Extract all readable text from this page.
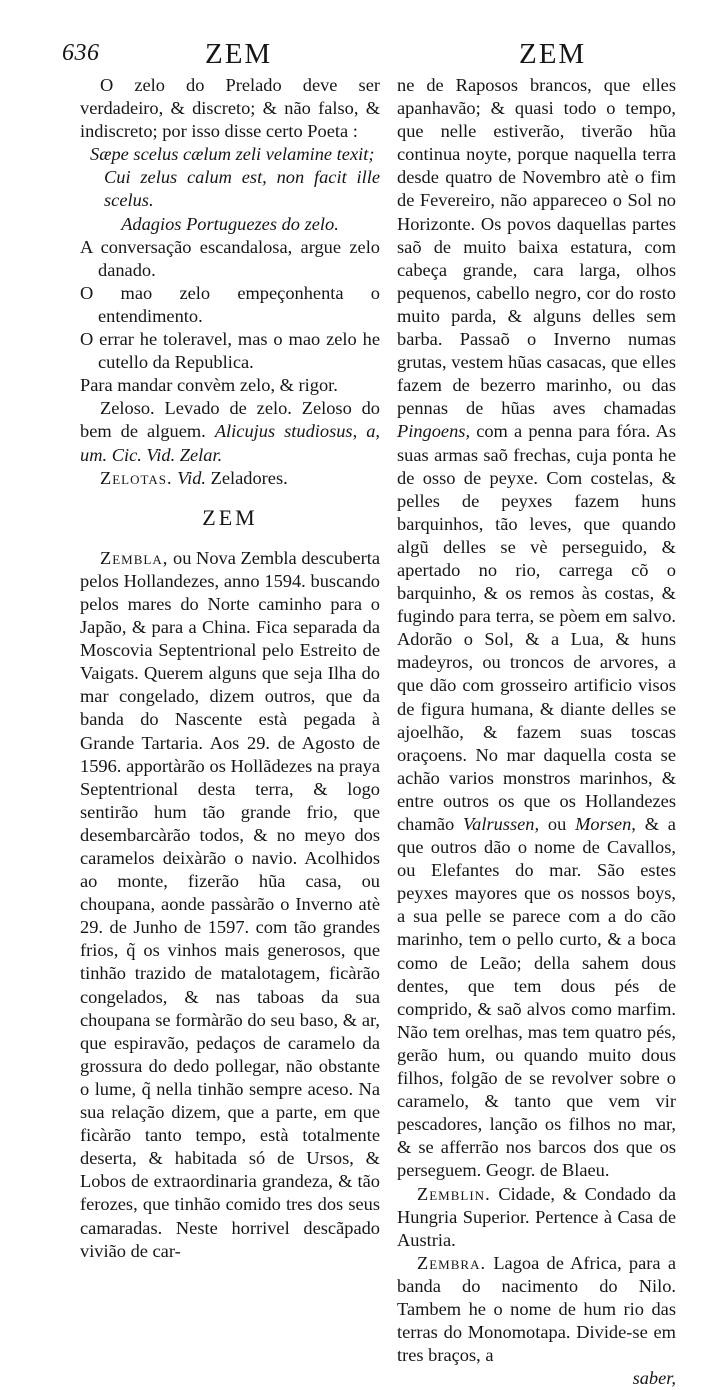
636	ZEM	ZEM

O zelo do Prelado deve ser verdadeiro, & discreto; & não falso, & indiscreto; por isso disse certo Poeta :

Sæpe scelus cælum zeli velamine texit;

Cui zelus calum est, non facit ille scelus.

Adagios Portuguezes do zelo.

A conversação escandalosa, argue zelo danado.

O mao zelo empeçonhenta o entendimento.

O errar he toleravel, mas o mao zelo he cutello da Republica.

Para mandar convèm zelo, & rigor.

Zeloso. Levado de zelo. Zeloso do bem de alguem. Alicujus studiosus, a, um. Cic. Vid. Zelar.

Zelotas. Vid. Zeladores.

ZEM

Zembla, ou Nova Zembla descuberta pelos Hollandezes, anno 1594. buscando pelos mares do Norte caminho para o Japão, & para a China. Fica separada da Moscovia Septentrional pelo Estreito de Vaigats. Querem alguns que seja Ilha do mar congelado, dizem outros, que da banda do Nascente està pegada à Grande Tartaria. Aos 29. de Agosto de 1596. apportàrão os Hollãdezes na praya Septentrional desta terra, & logo sentirão hum tão grande frio, que desembarcàrão todos, & no meyo dos caramelos deixàrão o navio. Acolhidos ao monte, fizerão hũa casa, ou choupana, aonde passàrão o Inverno atè 29. de Junho de 1597. com tão grandes frios, q̃ os vinhos mais generosos, que tinhão trazido de matalotagem, ficàrão congelados, & nas taboas da sua choupana se formàrão do seu baso, & ar, que espiravão, pedaços de caramelo da grossura do dedo pollegar, não obstante o lume, q̃ nella tinhão sempre aceso. Na sua relação dizem, que a parte, em que ficàrão tanto tempo, està totalmente deserta, & habitada só de Ursos, & Lobos de extraordinaria grandeza, & tão ferozes, que tinhão comido tres dos seus camaradas. Neste horrivel descãpado vivião de car-

ne de Raposos brancos, que elles apanhavão; & quasi todo o tempo, que nelle estiverão, tiverão hũa continua noyte, porque naquella terra desde quatro de Novembro atè o fim de Fevereiro, não appareceo o Sol no Horizonte. Os povos daquellas partes saõ de muito baixa estatura, com cabeça grande, cara larga, olhos pequenos, cabello negro, cor do rosto muito parda, & alguns delles sem barba. Passaõ o Inverno numas grutas, vestem hũas casacas, que elles fazem de bezerro marinho, ou das pennas de hũas aves chamadas Pingoens, com a penna para fóra. As suas armas saõ frechas, cuja ponta he de osso de peyxe. Com costelas, & pelles de peyxes fazem huns barquinhos, tão leves, que quando algũ delles se vè perseguido, & apertado no rio, carrega cõ o barquinho, & os remos às costas, & fugindo para terra, se pòem em salvo. Adorão o Sol, & a Lua, & huns madeyros, ou troncos de arvores, a que dão com grosseiro artificio visos de figura humana, & diante delles se ajoelhão, & fazem suas toscas oraçoens. No mar daquella costa se achão varios monstros marinhos, & entre outros os que os Hollandezes chamão Valrussen, ou Morsen, & a que outros dão o nome de Cavallos, ou Elefantes do mar. São estes peyxes mayores que os nossos boys, a sua pelle se parece com a do cão marinho, tem o pello curto, & a boca como de Leão; della sahem dous dentes, que tem dous pés de comprido, & saõ alvos como marfim. Não tem orelhas, mas tem quatro pés, gerão hum, ou quando muito dous filhos, folgão de se revolver sobre o caramelo, & tanto que vem vir pescadores, lanção os filhos no mar, & se afferrão nos barcos dos que os perseguem. Geogr. de Blaeu.

Zemblin. Cidade, & Condado da Hungria Superior. Pertence à Casa de Austria.

Zembra. Lagoa de Africa, para a banda do nacimento do Nilo. Tambem he o nome de hum rio das terras do Monomotapa. Divide-se em tres braços, a

saber,
